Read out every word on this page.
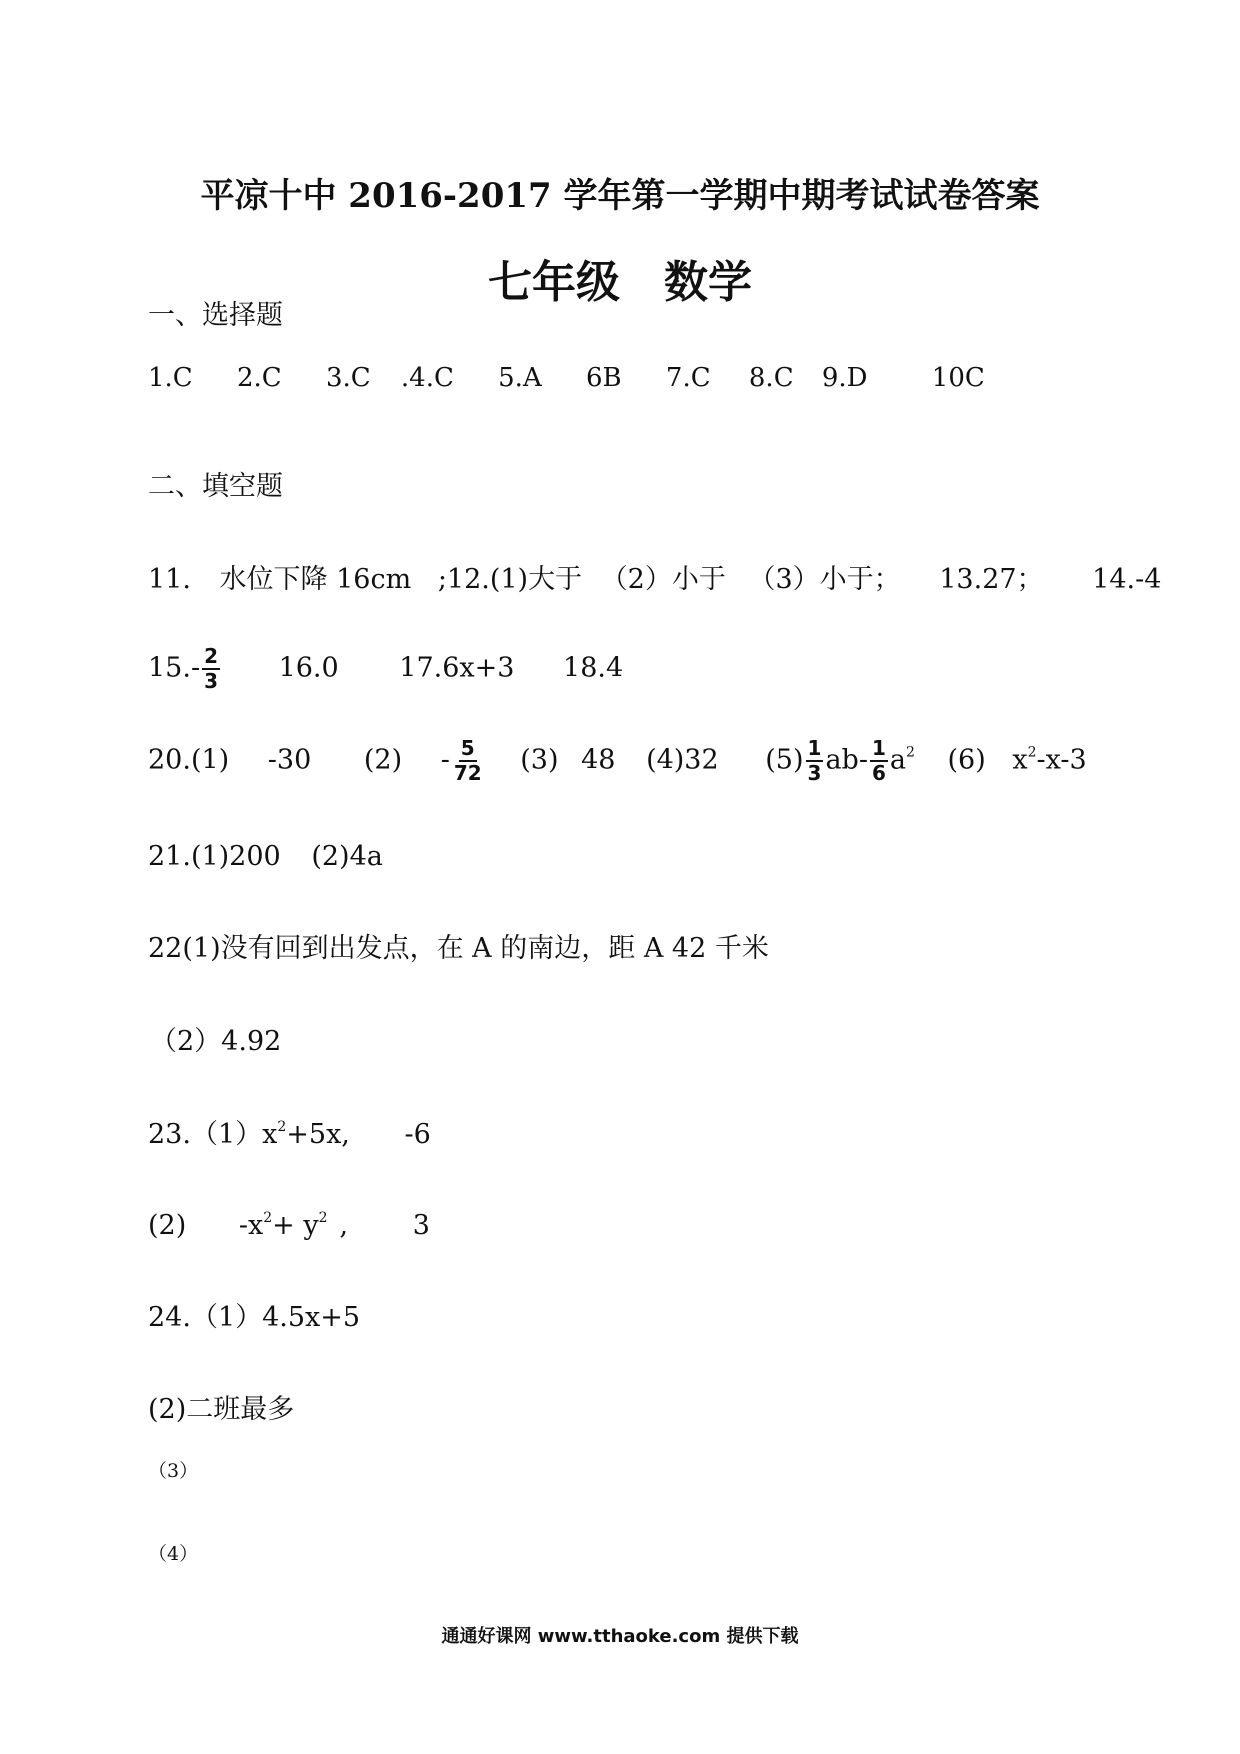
平凉十中 2016-2017 学年第一学期中期考试试卷答案
七年级　数学
一、选择题
1.C 2.C 3.C .4.C 5.A 6B 7.C 8.C 9.D 10C
二、填空题
11. 水位下降 16cm ;12.(1)大于 （2）小于 （3）小于； 13.27； 14.-4
$15.- \frac{2}{3} 16.0$ 17.6x+3 18.4
20.(1) -30 $(2) - \frac{5}{72} (3)$ 48 (4)32 $(5) \frac{1}{3} ab- \frac{1}{6} a^2$ (6) $x^2-x-3$
21.(1)200 (2)4a
22(1)没有回到出发点，在 A 的南边，距 A 42 千米
（2）4.92
$23.(1)x^2+5x$, -6
(2) $-x^2+ y^2$ , 3
24.（1）4.5x+5
(2)二班最多
（3）
（4）
通通好课网 www.tthaoke.com 提供下载
